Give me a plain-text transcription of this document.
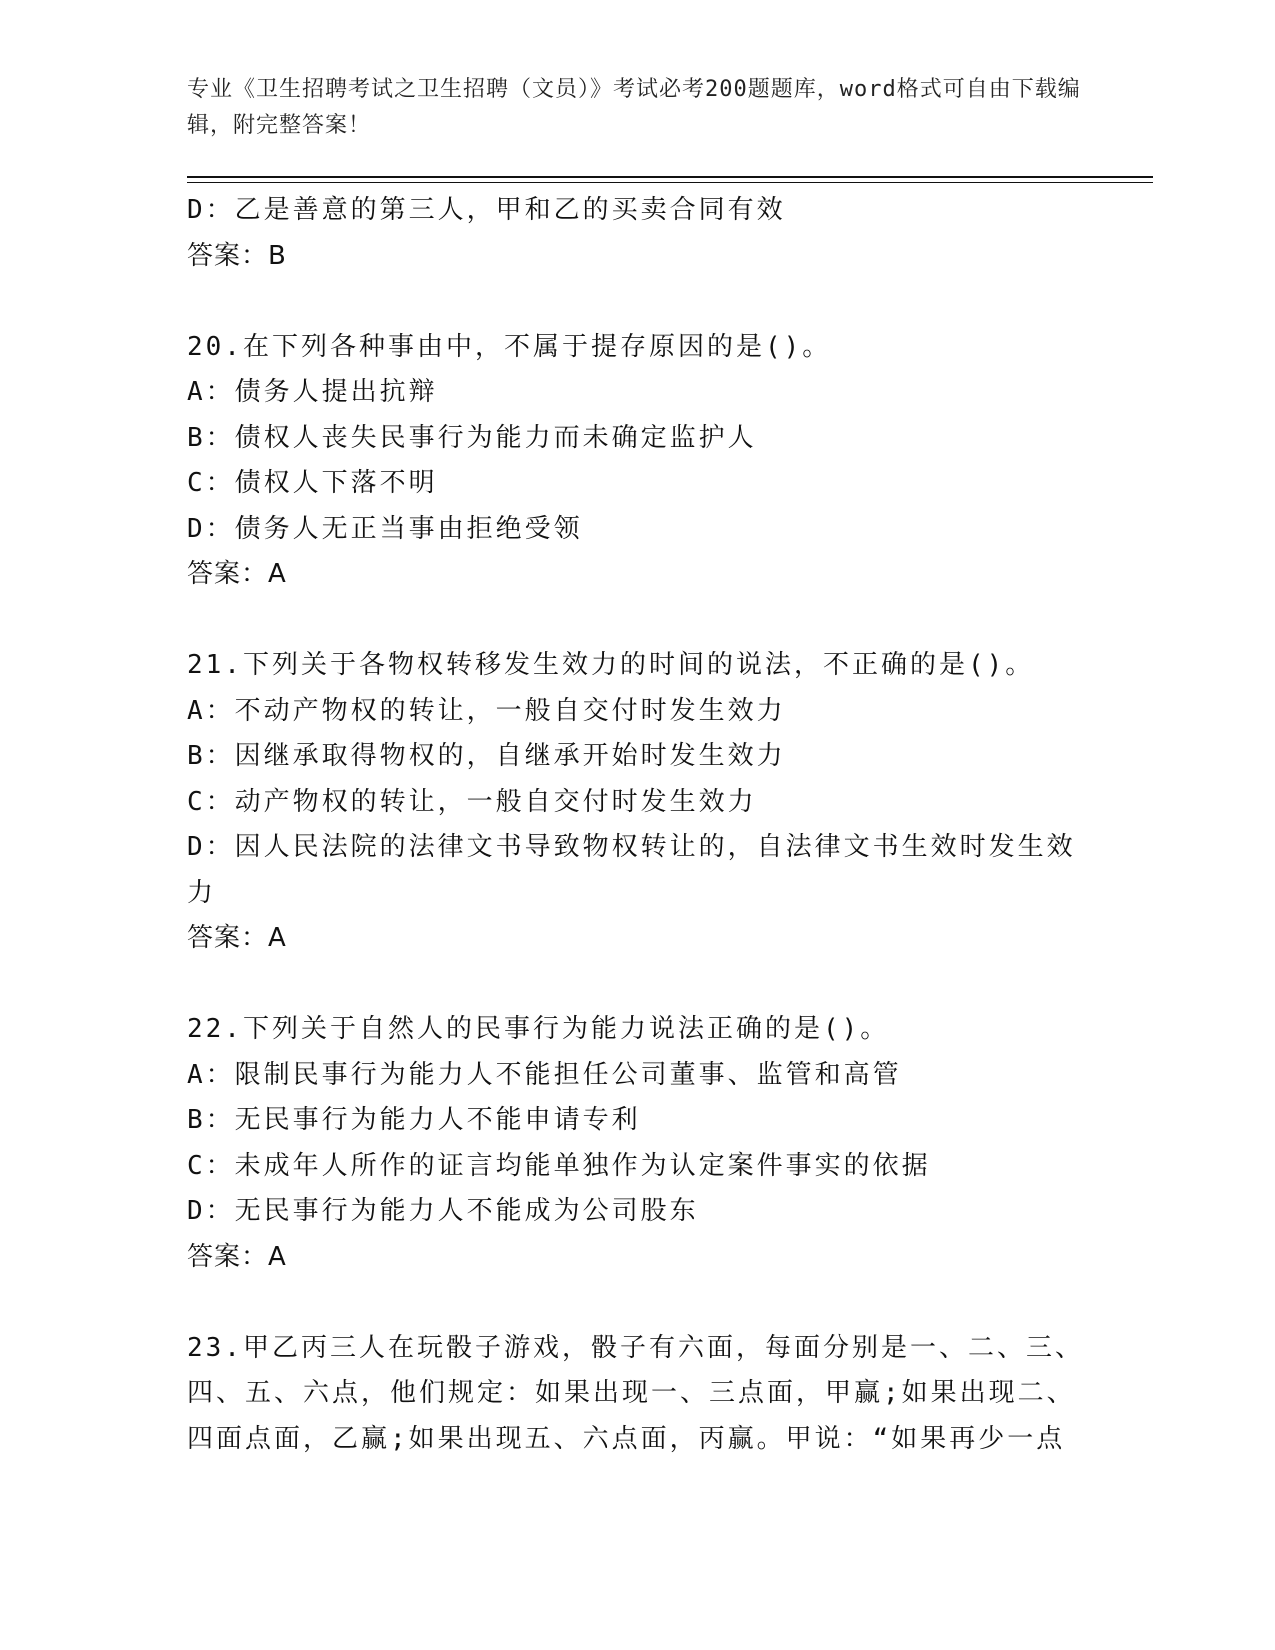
专业《卫生招聘考试之卫生招聘（文员）》考试必考200题题库，word格式可自由下载编辑，附完整答案！

D：乙是善意的第三人，甲和乙的买卖合同有效

答案：B

20.在下列各种事由中，不属于提存原因的是()。

A：债务人提出抗辩

B：债权人丧失民事行为能力而未确定监护人

C：债权人下落不明

D：债务人无正当事由拒绝受领

答案：A

21.下列关于各物权转移发生效力的时间的说法，不正确的是()。

A：不动产物权的转让，一般自交付时发生效力

B：因继承取得物权的，自继承开始时发生效力

C：动产物权的转让，一般自交付时发生效力

D：因人民法院的法律文书导致物权转让的，自法律文书生效时发生效力

答案：A

22.下列关于自然人的民事行为能力说法正确的是()。

A：限制民事行为能力人不能担任公司董事、监管和高管

B：无民事行为能力人不能申请专利

C：未成年人所作的证言均能单独作为认定案件事实的依据

D：无民事行为能力人不能成为公司股东

答案：A

23.甲乙丙三人在玩骰子游戏，骰子有六面，每面分别是一、二、三、四、五、六点，他们规定：如果出现一、三点面，甲赢;如果出现二、四面点面，乙赢;如果出现五、六点面，丙赢。甲说：“如果再少一点
